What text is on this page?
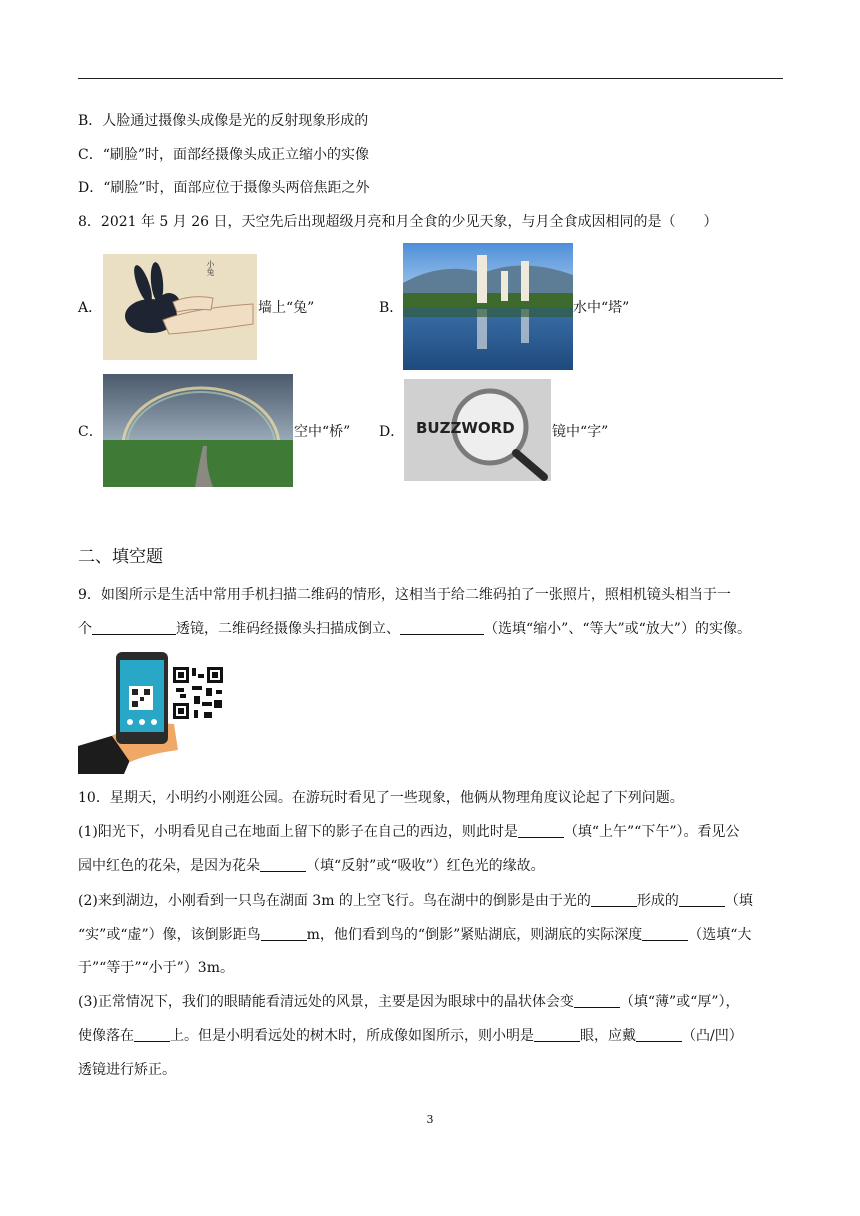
B．人脸通过摄像头成像是光的反射现象形成的
C．“刷脸”时，面部经摄像头成正立缩小的实像
D．“刷脸”时，面部应位于摄像头两倍焦距之外
8．2021 年 5 月 26 日，天空先后出现超级月亮和月全食的少见天象，与月全食成因相同的是（　　）
A．
小兔
墙上“兔”	B．	水中“塔”
C．	空中“桥” D． BUZZWORD	镜中“字”
二、填空题
9．如图所示是生活中常用手机扫描二维码的情形，这相当于给二维码拍了一张照片，照相机镜头相当于一
个	透镜，二维码经摄像头扫描成倒立、	（选填“缩小”、“等大”或“放大”）的实像。
10．星期天，小明约小刚逛公园。在游玩时看见了一些现象，他俩从物理角度议论起了下列问题。
(1)阳光下，小明看见自己在地面上留下的影子在自己的西边，则此时是	（填“上午”“下午”）。看见公
园中红色的花朵，是因为花朵	（填“反射”或“吸收”）红色光的缘故。
(2)来到湖边，小刚看到一只鸟在湖面 3m 的上空飞行。鸟在湖中的倒影是由于光的	形成的	（填
“实”或“虚”）像，该倒影距鸟	m，他们看到鸟的“倒影”紧贴湖底，则湖底的实际深度	（选填“大
于”“等于”“小于”）3m。
(3)正常情况下，我们的眼睛能看清远处的风景，主要是因为眼球中的晶状体会变	（填“薄”或“厚”），
使像落在	上。但是小明看远处的树木时，所成像如图所示，则小明是	眼，应戴	（凸/凹）
透镜进行矫正。
3
